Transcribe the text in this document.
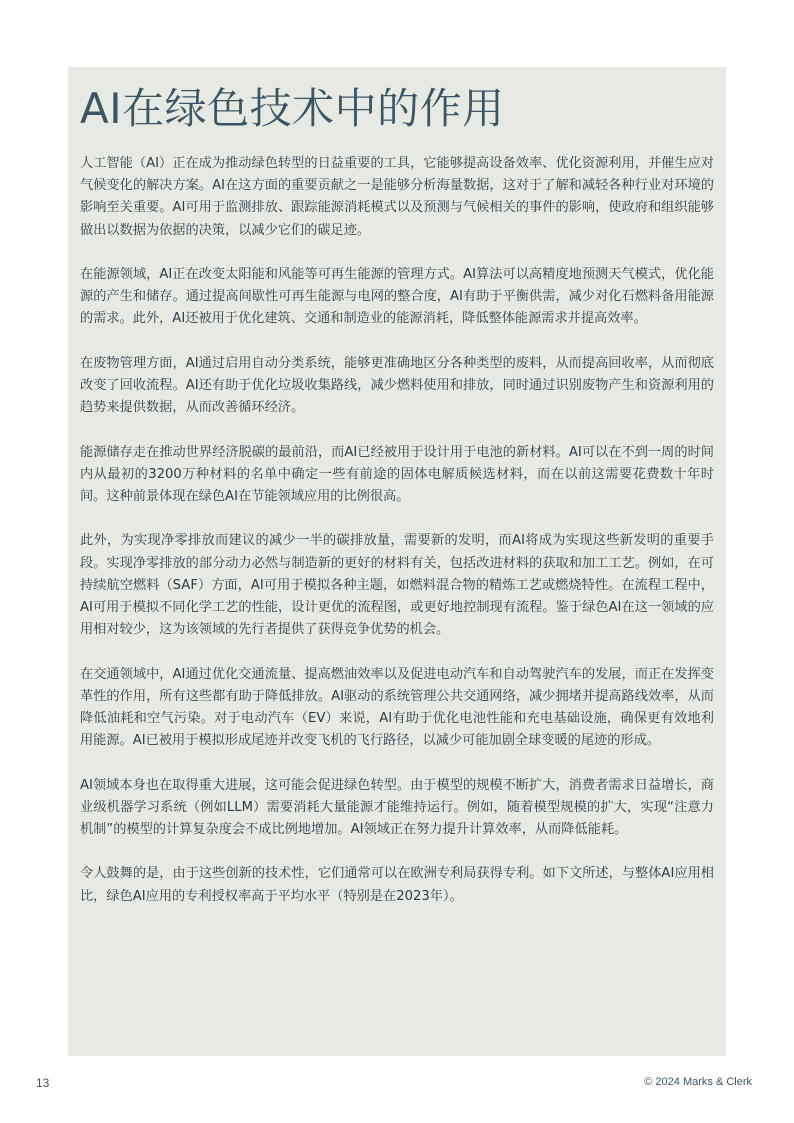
AI在绿色技术中的作用

人工智能（AI）正在成为推动绿色转型的日益重要的工具，它能够提高设备效率、优化资源利用，并催生应对气候变化的解决方案。AI在这方面的重要贡献之一是能够分析海量数据，这对于了解和减轻各种行业对环境的影响至关重要。AI可用于监测排放、跟踪能源消耗模式以及预测与气候相关的事件的影响，使政府和组织能够做出以数据为依据的决策，以减少它们的碳足迹。

在能源领域，AI正在改变太阳能和风能等可再生能源的管理方式。AI算法可以高精度地预测天气模式，优化能源的产生和储存。通过提高间歇性可再生能源与电网的整合度，AI有助于平衡供需，减少对化石燃料备用能源的需求。此外，AI还被用于优化建筑、交通和制造业的能源消耗，降低整体能源需求并提高效率。

在废物管理方面，AI通过启用自动分类系统，能够更准确地区分各种类型的废料，从而提高回收率，从而彻底改变了回收流程。AI还有助于优化垃圾收集路线，减少燃料使用和排放，同时通过识别废物产生和资源利用的趋势来提供数据，从而改善循环经济。

能源储存走在推动世界经济脱碳的最前沿，而AI已经被用于设计用于电池的新材料。AI可以在不到一周的时间内从最初的3200万种材料的名单中确定一些有前途的固体电解质候选材料，而在以前这需要花费数十年时间。这种前景体现在绿色AI在节能领域应用的比例很高。

此外，为实现净零排放而建议的减少一半的碳排放量，需要新的发明，而AI将成为实现这些新发明的重要手段。实现净零排放的部分动力必然与制造新的更好的材料有关，包括改进材料的获取和加工工艺。例如，在可持续航空燃料（SAF）方面，AI可用于模拟各种主题，如燃料混合物的精炼工艺或燃烧特性。在流程工程中，AI可用于模拟不同化学工艺的性能，设计更优的流程图，或更好地控制现有流程。鉴于绿色AI在这一领域的应用相对较少，这为该领域的先行者提供了获得竞争优势的机会。

在交通领域中，AI通过优化交通流量、提高燃油效率以及促进电动汽车和自动驾驶汽车的发展，而正在发挥变革性的作用，所有这些都有助于降低排放。AI驱动的系统管理公共交通网络，减少拥堵并提高路线效率，从而降低油耗和空气污染。对于电动汽车（EV）来说，AI有助于优化电池性能和充电基础设施，确保更有效地利用能源。AI已被用于模拟形成尾迹并改变飞机的飞行路径，以减少可能加剧全球变暖的尾迹的形成。

AI领域本身也在取得重大进展，这可能会促进绿色转型。由于模型的规模不断扩大，消费者需求日益增长，商业级机器学习系统（例如LLM）需要消耗大量能源才能维持运行。例如，随着模型规模的扩大，实现“注意力机制”的模型的计算复杂度会不成比例地增加。AI领域正在努力提升计算效率，从而降低能耗。

令人鼓舞的是，由于这些创新的技术性，它们通常可以在欧洲专利局获得专利。如下文所述，与整体AI应用相比，绿色AI应用的专利授权率高于平均水平（特别是在2023年）。

13	© 2024 Marks & Clerk
